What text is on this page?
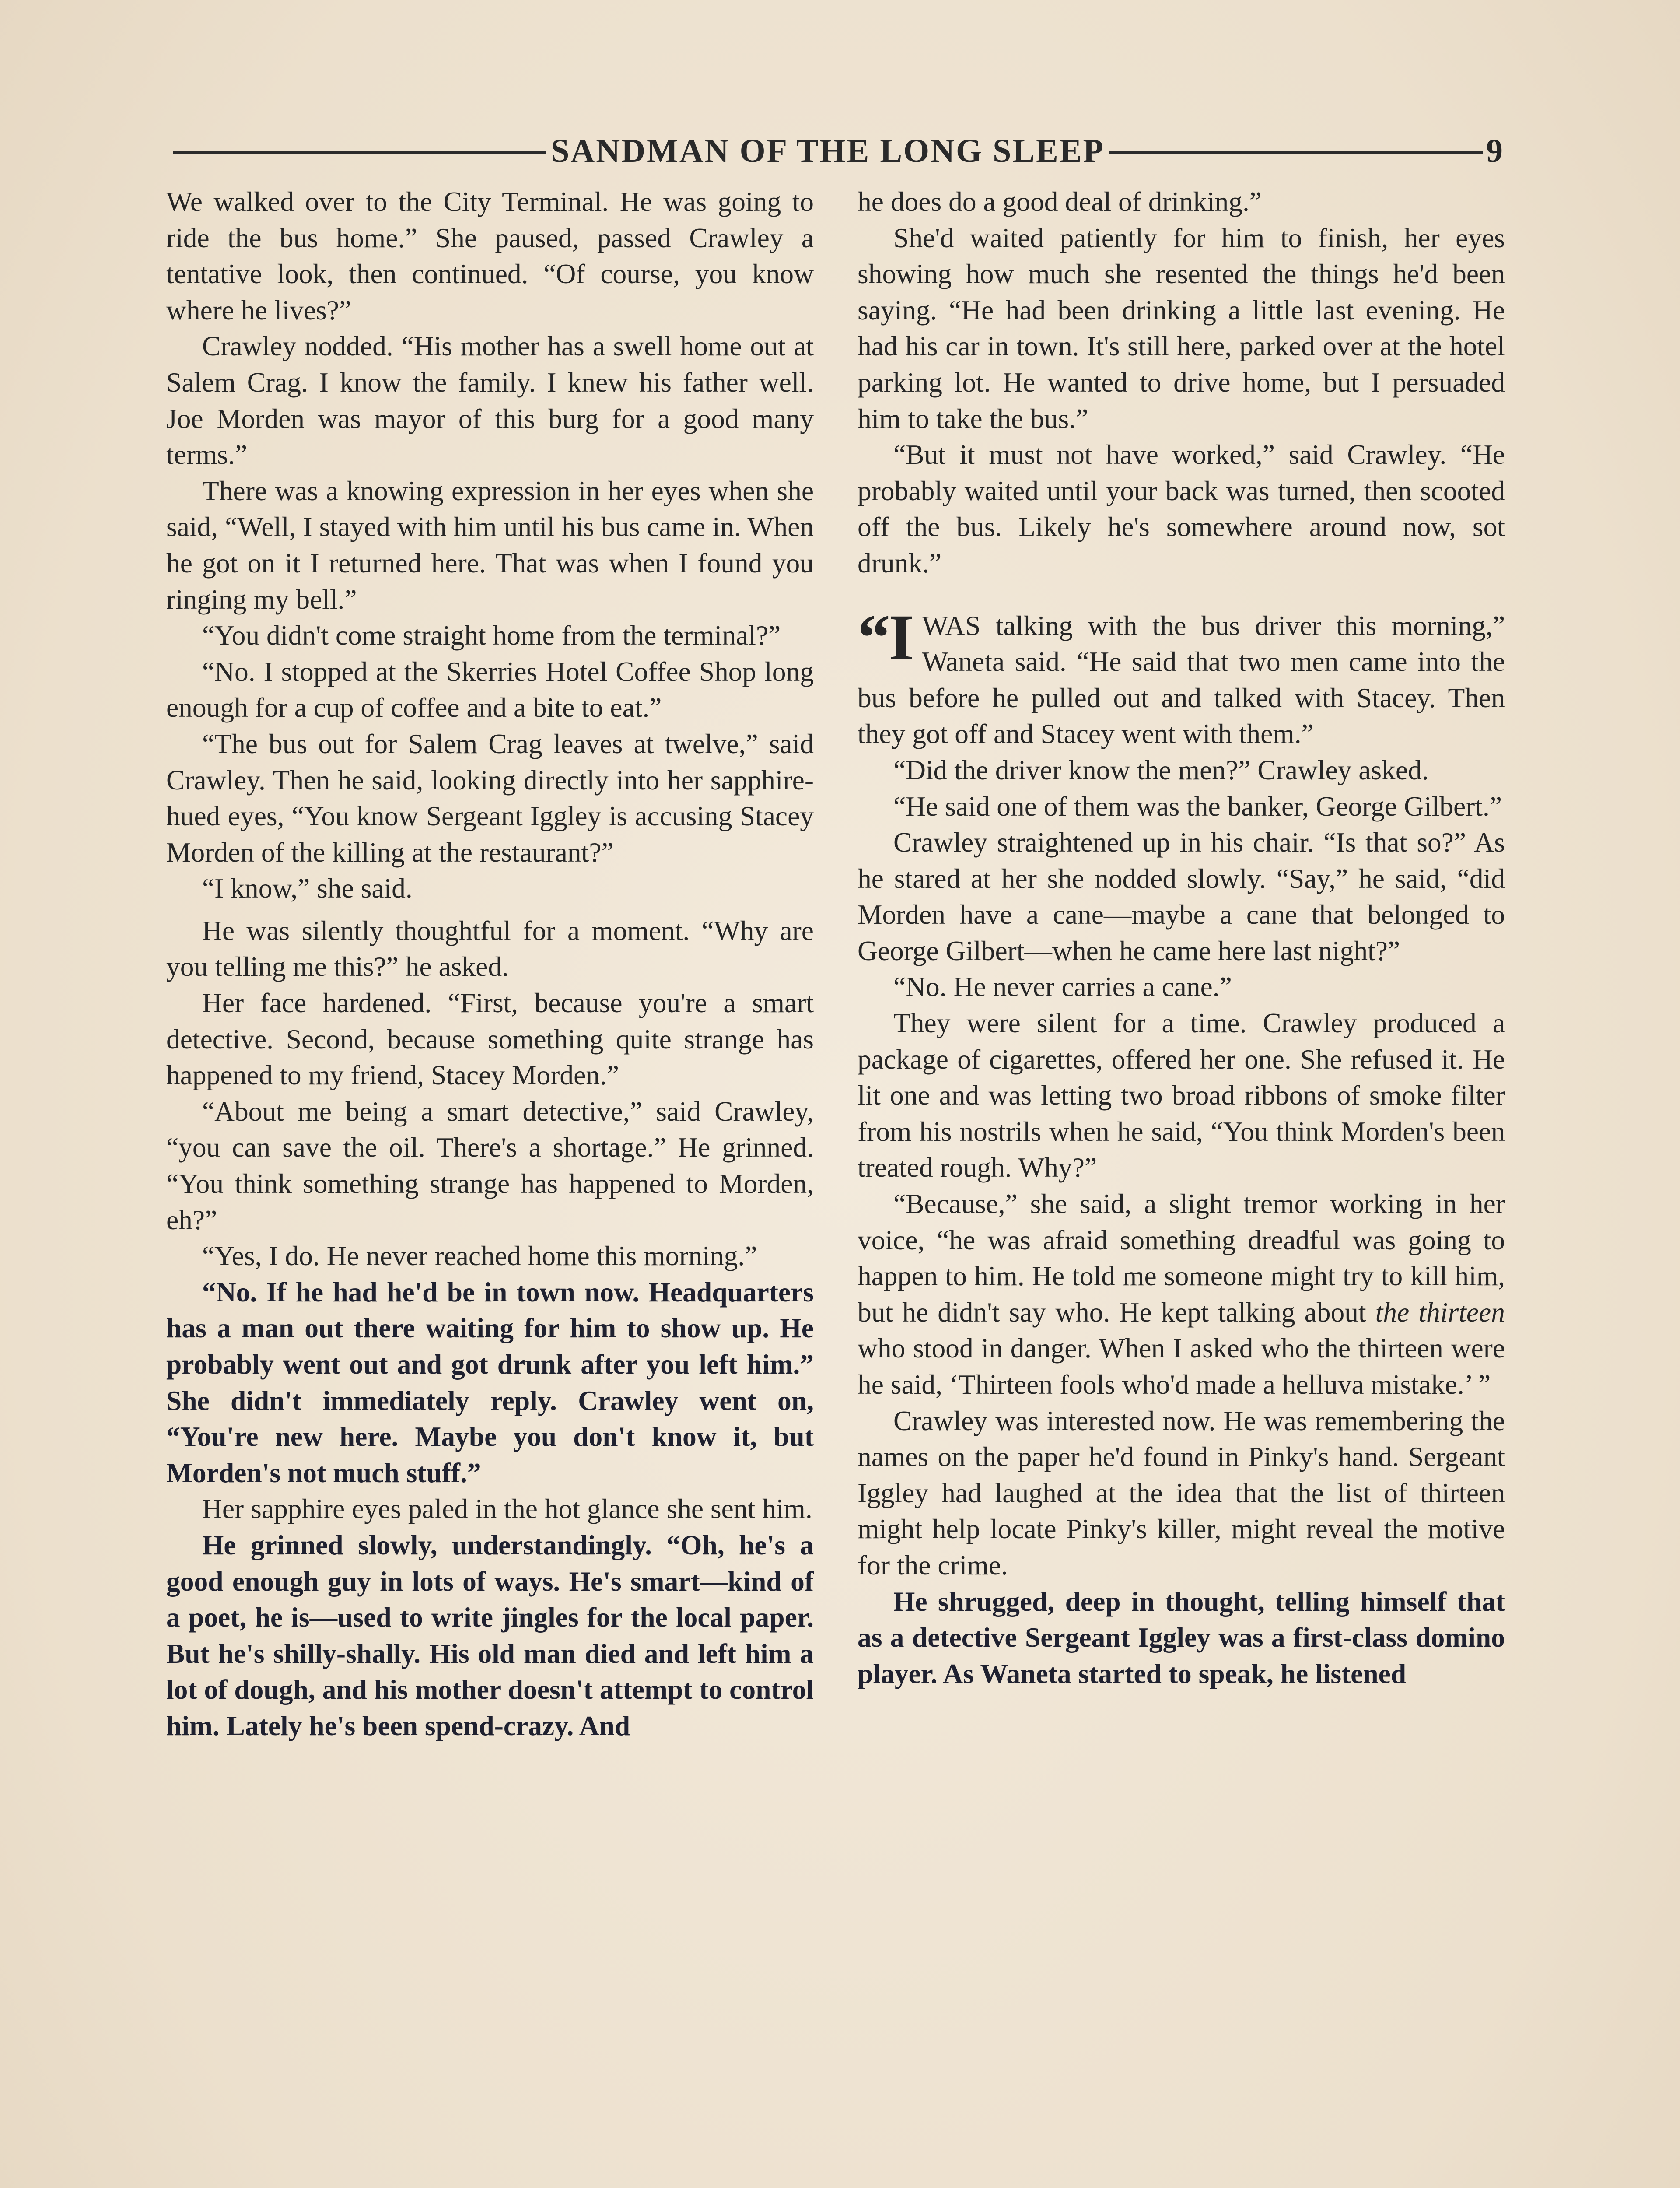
SANDMAN OF THE LONG SLEEP	9

We walked over to the City Terminal. He was going to ride the bus home.” She paused, passed Crawley a tentative look, then continued. “Of course, you know where he lives?”

Crawley nodded. “His mother has a swell home out at Salem Crag. I know the family. I knew his father well. Joe Morden was mayor of this burg for a good many terms.”

There was a knowing expression in her eyes when she said, “Well, I stayed with him until his bus came in. When he got on it I returned here. That was when I found you ringing my bell.”

“You didn't come straight home from the terminal?”

“No. I stopped at the Skerries Hotel Coffee Shop long enough for a cup of coffee and a bite to eat.”

“The bus out for Salem Crag leaves at twelve,” said Crawley. Then he said, looking directly into her sapphire-hued eyes, “You know Sergeant Iggley is accusing Stacey Morden of the killing at the restaurant?”

“I know,” she said.

He was silently thoughtful for a moment. “Why are you telling me this?” he asked.

Her face hardened. “First, because you're a smart detective. Second, because something quite strange has happened to my friend, Stacey Morden.”

“About me being a smart detective,” said Crawley, “you can save the oil. There's a shortage.” He grinned. “You think something strange has happened to Morden, eh?”

“Yes, I do. He never reached home this morning.”

“No. If he had he'd be in town now. Headquarters has a man out there waiting for him to show up. He probably went out and got drunk after you left him.” She didn't immediately reply. Crawley went on, “You're new here. Maybe you don't know it, but Morden's not much stuff.”

Her sapphire eyes paled in the hot glance she sent him.

He grinned slowly, understandingly. “Oh, he's a good enough guy in lots of ways. He's smart—kind of a poet, he is—used to write jingles for the local paper. But he's shilly-shally. His old man died and left him a lot of dough, and his mother doesn't attempt to control him. Lately he's been spend-crazy. And

he does do a good deal of drinking.”

She'd waited patiently for him to finish, her eyes showing how much she resented the things he'd been saying. “He had been drinking a little last evening. He had his car in town. It's still here, parked over at the hotel parking lot. He wanted to drive home, but I persuaded him to take the bus.”

“But it must not have worked,” said Crawley. “He probably waited until your back was turned, then scooted off the bus. Likely he's somewhere around now, sot drunk.”

“IWAS talking with the bus driver this morning,” Waneta said. “He said that two men came into the bus before he pulled out and talked with Stacey. Then they got off and Stacey went with them.”

“Did the driver know the men?” Crawley asked.

“He said one of them was the banker, George Gilbert.”

Crawley straightened up in his chair. “Is that so?” As he stared at her she nodded slowly. “Say,” he said, “did Morden have a cane—maybe a cane that belonged to George Gilbert—when he came here last night?”

“No. He never carries a cane.”

They were silent for a time. Crawley produced a package of cigarettes, offered her one. She refused it. He lit one and was letting two broad ribbons of smoke filter from his nostrils when he said, “You think Morden's been treated rough. Why?”

“Because,” she said, a slight tremor working in her voice, “he was afraid something dreadful was going to happen to him. He told me someone might try to kill him, but he didn't say who. He kept talking about the thirteen who stood in danger. When I asked who the thirteen were he said, ‘Thirteen fools who'd made a helluva mistake.’ ”

Crawley was interested now. He was remembering the names on the paper he'd found in Pinky's hand. Sergeant Iggley had laughed at the idea that the list of thirteen might help locate Pinky's killer, might reveal the motive for the crime.

He shrugged, deep in thought, telling himself that as a detective Sergeant Iggley was a first-class domino player. As Waneta started to speak, he listened
